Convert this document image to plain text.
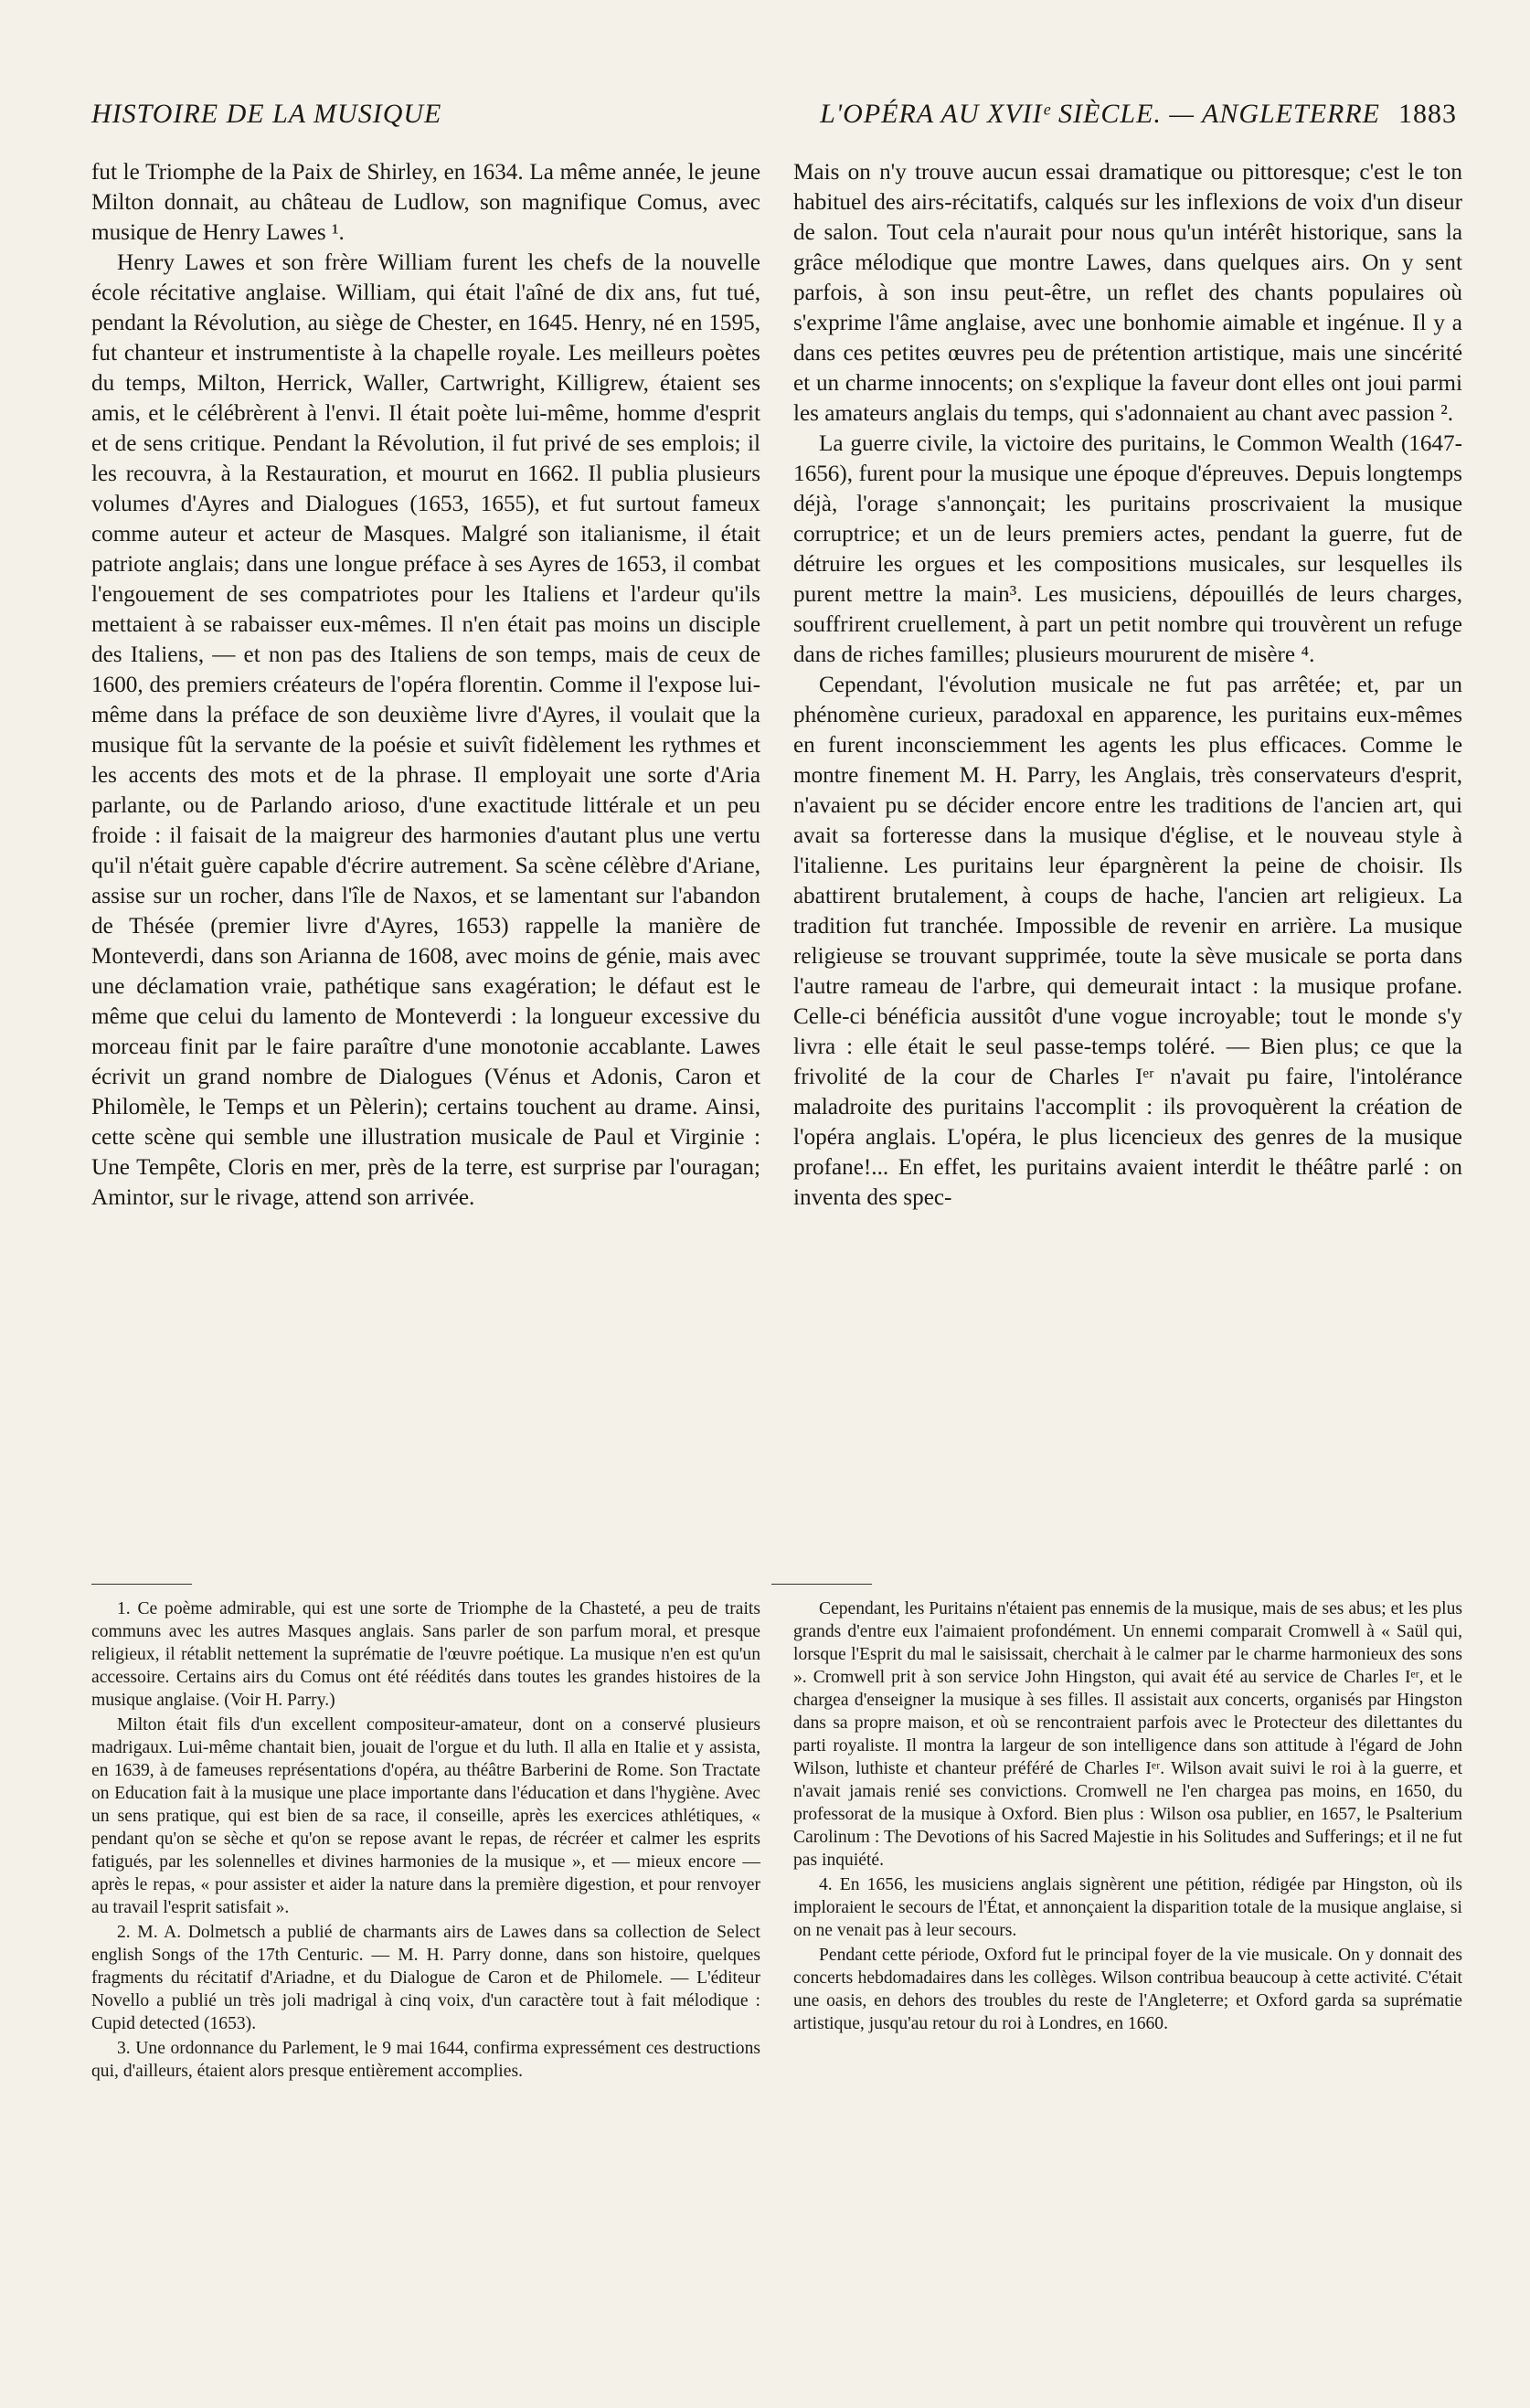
HISTOIRE DE LA MUSIQUE	L'OPÉRA AU XVIIᵉ SIÈCLE. — ANGLETERRE 1883

fut le Triomphe de la Paix de Shirley, en 1634. La même année, le jeune Milton donnait, au château de Ludlow, son magnifique Comus, avec musique de Henry Lawes ¹.

Henry Lawes et son frère William furent les chefs de la nouvelle école récitative anglaise. William, qui était l'aîné de dix ans, fut tué, pendant la Révolution, au siège de Chester, en 1645. Henry, né en 1595, fut chanteur et instrumentiste à la chapelle royale. Les meilleurs poètes du temps, Milton, Herrick, Waller, Cartwright, Killigrew, étaient ses amis, et le célébrèrent à l'envi. Il était poète lui-même, homme d'esprit et de sens critique. Pendant la Révolution, il fut privé de ses emplois; il les recouvra, à la Restauration, et mourut en 1662. Il publia plusieurs volumes d'Ayres and Dialogues (1653, 1655), et fut surtout fameux comme auteur et acteur de Masques. Malgré son italianisme, il était patriote anglais; dans une longue préface à ses Ayres de 1653, il combat l'engouement de ses compatriotes pour les Italiens et l'ardeur qu'ils mettaient à se rabaisser eux-mêmes. Il n'en était pas moins un disciple des Italiens, — et non pas des Italiens de son temps, mais de ceux de 1600, des premiers créateurs de l'opéra florentin. Comme il l'expose lui-même dans la préface de son deuxième livre d'Ayres, il voulait que la musique fût la servante de la poésie et suivît fidèlement les rythmes et les accents des mots et de la phrase. Il employait une sorte d'Aria parlante, ou de Parlando arioso, d'une exactitude littérale et un peu froide : il faisait de la maigreur des harmonies d'autant plus une vertu qu'il n'était guère capable d'écrire autrement. Sa scène célèbre d'Ariane, assise sur un rocher, dans l'île de Naxos, et se lamentant sur l'abandon de Thésée (premier livre d'Ayres, 1653) rappelle la manière de Monteverdi, dans son Arianna de 1608, avec moins de génie, mais avec une déclamation vraie, pathétique sans exagération; le défaut est le même que celui du lamento de Monteverdi : la longueur excessive du morceau finit par le faire paraître d'une monotonie accablante. Lawes écrivit un grand nombre de Dialogues (Vénus et Adonis, Caron et Philomèle, le Temps et un Pèlerin); certains touchent au drame. Ainsi, cette scène qui semble une illustration musicale de Paul et Virginie : Une Tempête, Cloris en mer, près de la terre, est surprise par l'ouragan; Amintor, sur le rivage, attend son arrivée.

Mais on n'y trouve aucun essai dramatique ou pittoresque; c'est le ton habituel des airs-récitatifs, calqués sur les inflexions de voix d'un diseur de salon. Tout cela n'aurait pour nous qu'un intérêt historique, sans la grâce mélodique que montre Lawes, dans quelques airs. On y sent parfois, à son insu peut-être, un reflet des chants populaires où s'exprime l'âme anglaise, avec une bonhomie aimable et ingénue. Il y a dans ces petites œuvres peu de prétention artistique, mais une sincérité et un charme innocents; on s'explique la faveur dont elles ont joui parmi les amateurs anglais du temps, qui s'adonnaient au chant avec passion ².

La guerre civile, la victoire des puritains, le Common Wealth (1647-1656), furent pour la musique une époque d'épreuves. Depuis longtemps déjà, l'orage s'annonçait; les puritains proscrivaient la musique corruptrice; et un de leurs premiers actes, pendant la guerre, fut de détruire les orgues et les compositions musicales, sur lesquelles ils purent mettre la main³. Les musiciens, dépouillés de leurs charges, souffrirent cruellement, à part un petit nombre qui trouvèrent un refuge dans de riches familles; plusieurs moururent de misère ⁴.

Cependant, l'évolution musicale ne fut pas arrêtée; et, par un phénomène curieux, paradoxal en apparence, les puritains eux-mêmes en furent inconsciemment les agents les plus efficaces. Comme le montre finement M. H. Parry, les Anglais, très conservateurs d'esprit, n'avaient pu se décider encore entre les traditions de l'ancien art, qui avait sa forteresse dans la musique d'église, et le nouveau style à l'italienne. Les puritains leur épargnèrent la peine de choisir. Ils abattirent brutalement, à coups de hache, l'ancien art religieux. La tradition fut tranchée. Impossible de revenir en arrière. La musique religieuse se trouvant supprimée, toute la sève musicale se porta dans l'autre rameau de l'arbre, qui demeurait intact : la musique profane. Celle-ci bénéficia aussitôt d'une vogue incroyable; tout le monde s'y livra : elle était le seul passe-temps toléré. — Bien plus; ce que la frivolité de la cour de Charles Iᵉʳ n'avait pu faire, l'intolérance maladroite des puritains l'accomplit : ils provoquèrent la création de l'opéra anglais. L'opéra, le plus licencieux des genres de la musique profane!... En effet, les puritains avaient interdit le théâtre parlé : on inventa des spec-

1. Ce poème admirable, qui est une sorte de Triomphe de la Chasteté, a peu de traits communs avec les autres Masques anglais. Sans parler de son parfum moral, et presque religieux, il rétablit nettement la suprématie de l'œuvre poétique. La musique n'en est qu'un accessoire. Certains airs du Comus ont été réédités dans toutes les grandes histoires de la musique anglaise. (Voir H. Parry.)

Milton était fils d'un excellent compositeur-amateur, dont on a conservé plusieurs madrigaux. Lui-même chantait bien, jouait de l'orgue et du luth. Il alla en Italie et y assista, en 1639, à de fameuses représentations d'opéra, au théâtre Barberini de Rome. Son Tractate on Education fait à la musique une place importante dans l'éducation et dans l'hygiène. Avec un sens pratique, qui est bien de sa race, il conseille, après les exercices athlétiques, « pendant qu'on se sèche et qu'on se repose avant le repas, de récréer et calmer les esprits fatigués, par les solennelles et divines harmonies de la musique », et — mieux encore — après le repas, « pour assister et aider la nature dans la première digestion, et pour renvoyer au travail l'esprit satisfait ».

2. M. A. Dolmetsch a publié de charmants airs de Lawes dans sa collection de Select english Songs of the 17th Centuric. — M. H. Parry donne, dans son histoire, quelques fragments du récitatif d'Ariadne, et du Dialogue de Caron et de Philomele. — L'éditeur Novello a publié un très joli madrigal à cinq voix, d'un caractère tout à fait mélodique : Cupid detected (1653).

3. Une ordonnance du Parlement, le 9 mai 1644, confirma expressément ces destructions qui, d'ailleurs, étaient alors presque entièrement accomplies.

Cependant, les Puritains n'étaient pas ennemis de la musique, mais de ses abus; et les plus grands d'entre eux l'aimaient profondément. Un ennemi comparait Cromwell à « Saül qui, lorsque l'Esprit du mal le saisissait, cherchait à le calmer par le charme harmonieux des sons ». Cromwell prit à son service John Hingston, qui avait été au service de Charles Iᵉʳ, et le chargea d'enseigner la musique à ses filles. Il assistait aux concerts, organisés par Hingston dans sa propre maison, et où se rencontraient parfois avec le Protecteur des dilettantes du parti royaliste. Il montra la largeur de son intelligence dans son attitude à l'égard de John Wilson, luthiste et chanteur préféré de Charles Iᵉʳ. Wilson avait suivi le roi à la guerre, et n'avait jamais renié ses convictions. Cromwell ne l'en chargea pas moins, en 1650, du professorat de la musique à Oxford. Bien plus : Wilson osa publier, en 1657, le Psalterium Carolinum : The Devotions of his Sacred Majestie in his Solitudes and Sufferings; et il ne fut pas inquiété.

4. En 1656, les musiciens anglais signèrent une pétition, rédigée par Hingston, où ils imploraient le secours de l'État, et annonçaient la disparition totale de la musique anglaise, si on ne venait pas à leur secours.

Pendant cette période, Oxford fut le principal foyer de la vie musicale. On y donnait des concerts hebdomadaires dans les collèges. Wilson contribua beaucoup à cette activité. C'était une oasis, en dehors des troubles du reste de l'Angleterre; et Oxford garda sa suprématie artistique, jusqu'au retour du roi à Londres, en 1660.
